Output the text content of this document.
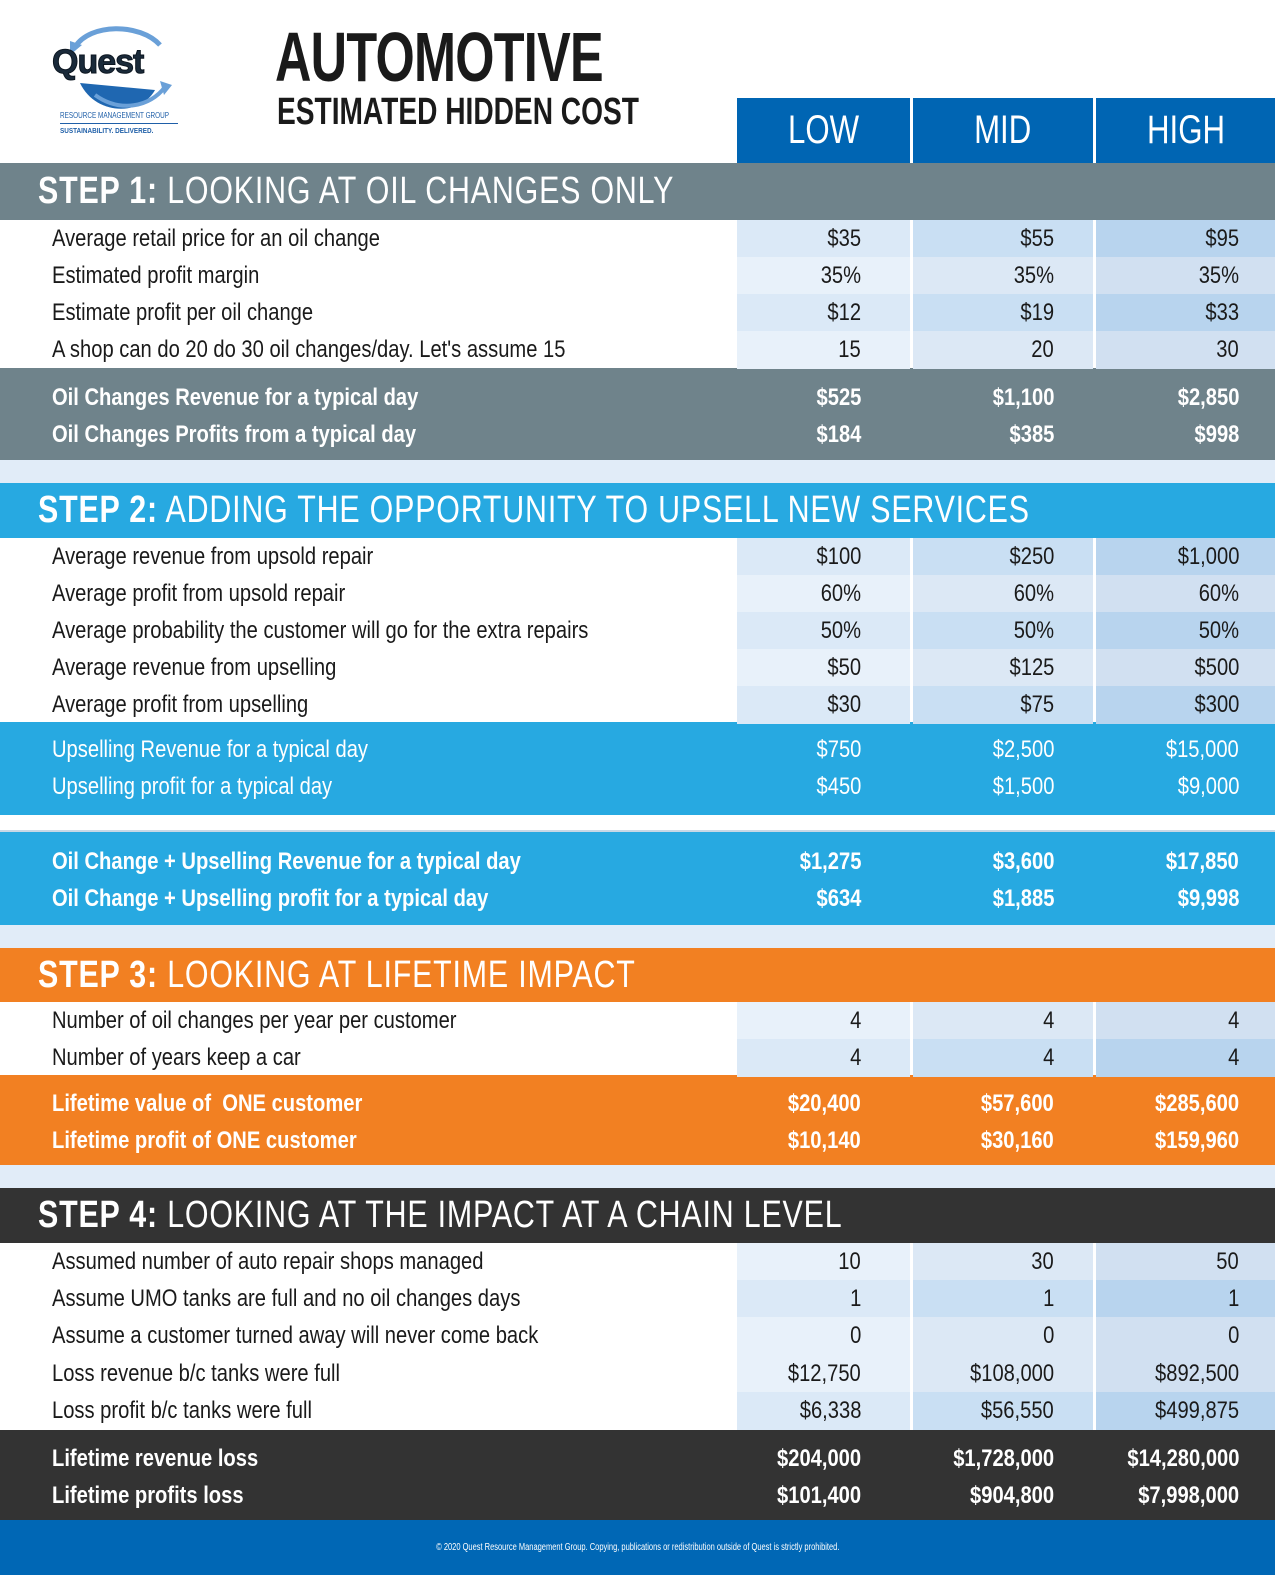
Quest
RESOURCE MANAGEMENT GROUP
SUSTAINABILITY. DELIVERED.
AUTOMOTIVE
ESTIMATED HIDDEN COST	LOW	MID	HIGH
STEP 1: LOOKING AT OIL CHANGES ONLY
STEP 2: ADDING THE OPPORTUNITY TO UPSELL NEW SERVICES
STEP 3: LOOKING AT LIFETIME IMPACT
STEP 4: LOOKING AT THE IMPACT AT A CHAIN LEVEL
Average retail price for an oil change	$35	$55	$95
Estimated profit margin	35%	35%	35%
Estimate profit per oil change	$12	$19	$33
A shop can do 20 do 30 oil changes/day. Let's assume 15	15	20	30
Oil Changes Revenue for a typical day	$525	$1,100	$2,850
Oil Changes Profits from a typical day	$184	$385	$998
Average revenue from upsold repair	$100	$250	$1,000
Average profit from upsold repair	60%	60%	60%
Average probability the customer will go for the extra repairs	50%	50%	50%
Average revenue from upselling	$50	$125	$500
Average profit from upselling	$30	$75	$300
Upselling Revenue for a typical day	$750	$2,500	$15,000
Upselling profit for a typical day	$450	$1,500	$9,000
Oil Change + Upselling Revenue for a typical day	$1,275	$3,600	$17,850
Oil Change + Upselling profit for a typical day	$634	$1,885	$9,998
Number of oil changes per year per customer	4	4	4
Number of years keep a car	4	4	4
Lifetime value of  ONE customer	$20,400	$57,600	$285,600
Lifetime profit of ONE customer	$10,140	$30,160	$159,960
Assumed number of auto repair shops managed	10	30	50
Assume UMO tanks are full and no oil changes days	1	1	1
Assume a customer turned away will never come back	0	0	0
Loss revenue b/c tanks were full	$12,750	$108,000	$892,500
Loss profit b/c tanks were full	$6,338	$56,550	$499,875
Lifetime revenue loss	$204,000	$1,728,000	$14,280,000
Lifetime profits loss	$101,400	$904,800	$7,998,000
© 2020 Quest Resource Management Group. Copying, publications or redistribution outside of Quest is strictly prohibited.
